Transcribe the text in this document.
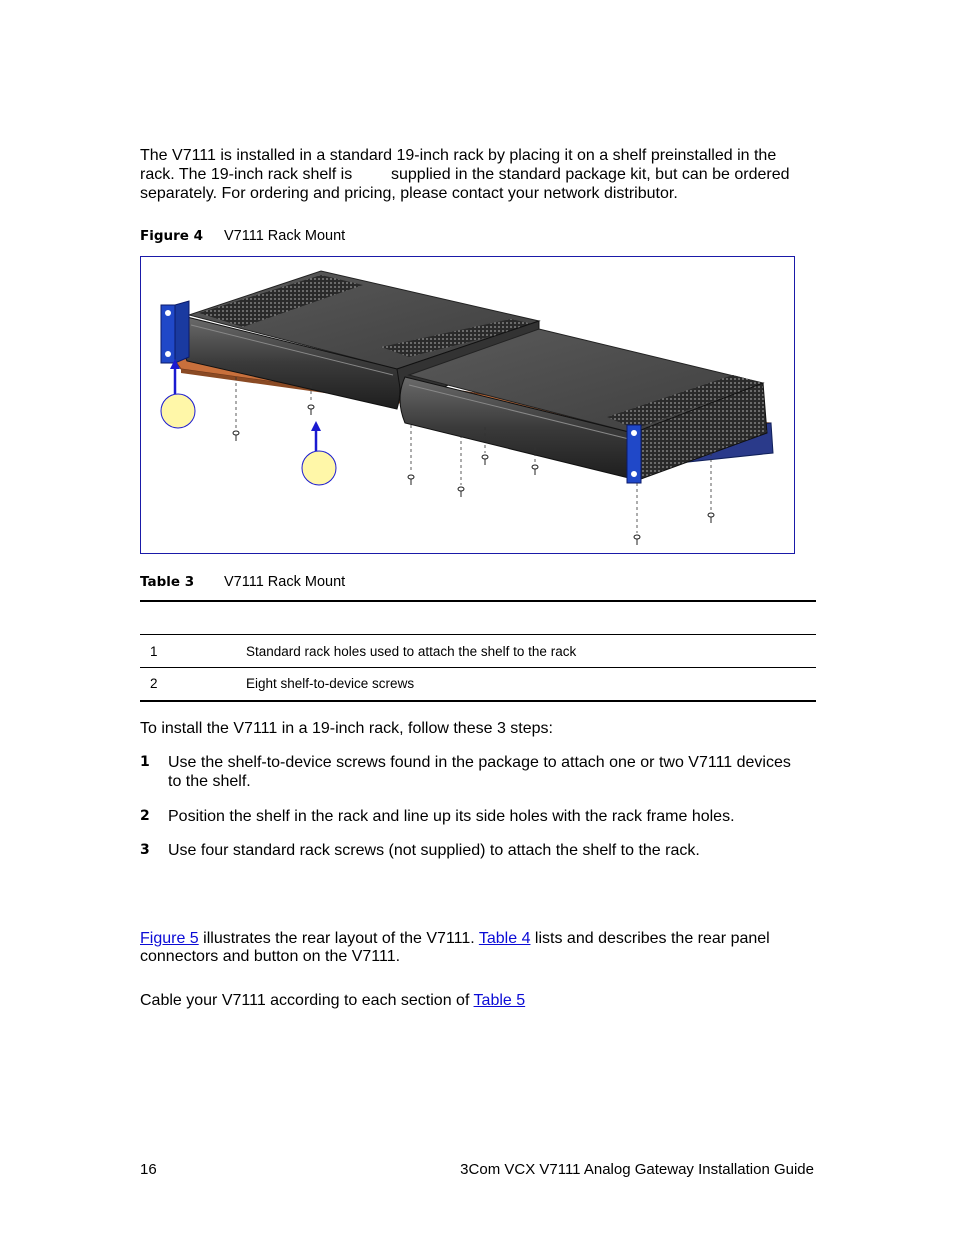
The V7111 is installed in a standard 19-inch rack by placing it on a shelf preinstalled in the
rack. The 19-inch rack shelf is supplied in the standard package kit, but can be ordered
separately. For ordering and pricing, please contact your network distributor.
Figure 4 V7111 Rack Mount
Table 3 V7111 Rack Mount
1	Standard rack holes used to attach the shelf to the rack
2	Eight shelf-to-device screws
To install the V7111 in a 19-inch rack, follow these 3 steps:
1 Use the shelf-to-device screws found in the package to attach one or two V7111 devices
to the shelf.
2 Position the shelf in the rack and line up its side holes with the rack frame holes.
3 Use four standard rack screws (not supplied) to attach the shelf to the rack.
Figure 5 illustrates the rear layout of the V7111. Table 4 lists and describes the rear panel
connectors and button on the V7111.
Cable your V7111 according to each section of Table 5
16	3Com VCX V7111 Analog Gateway Installation Guide
